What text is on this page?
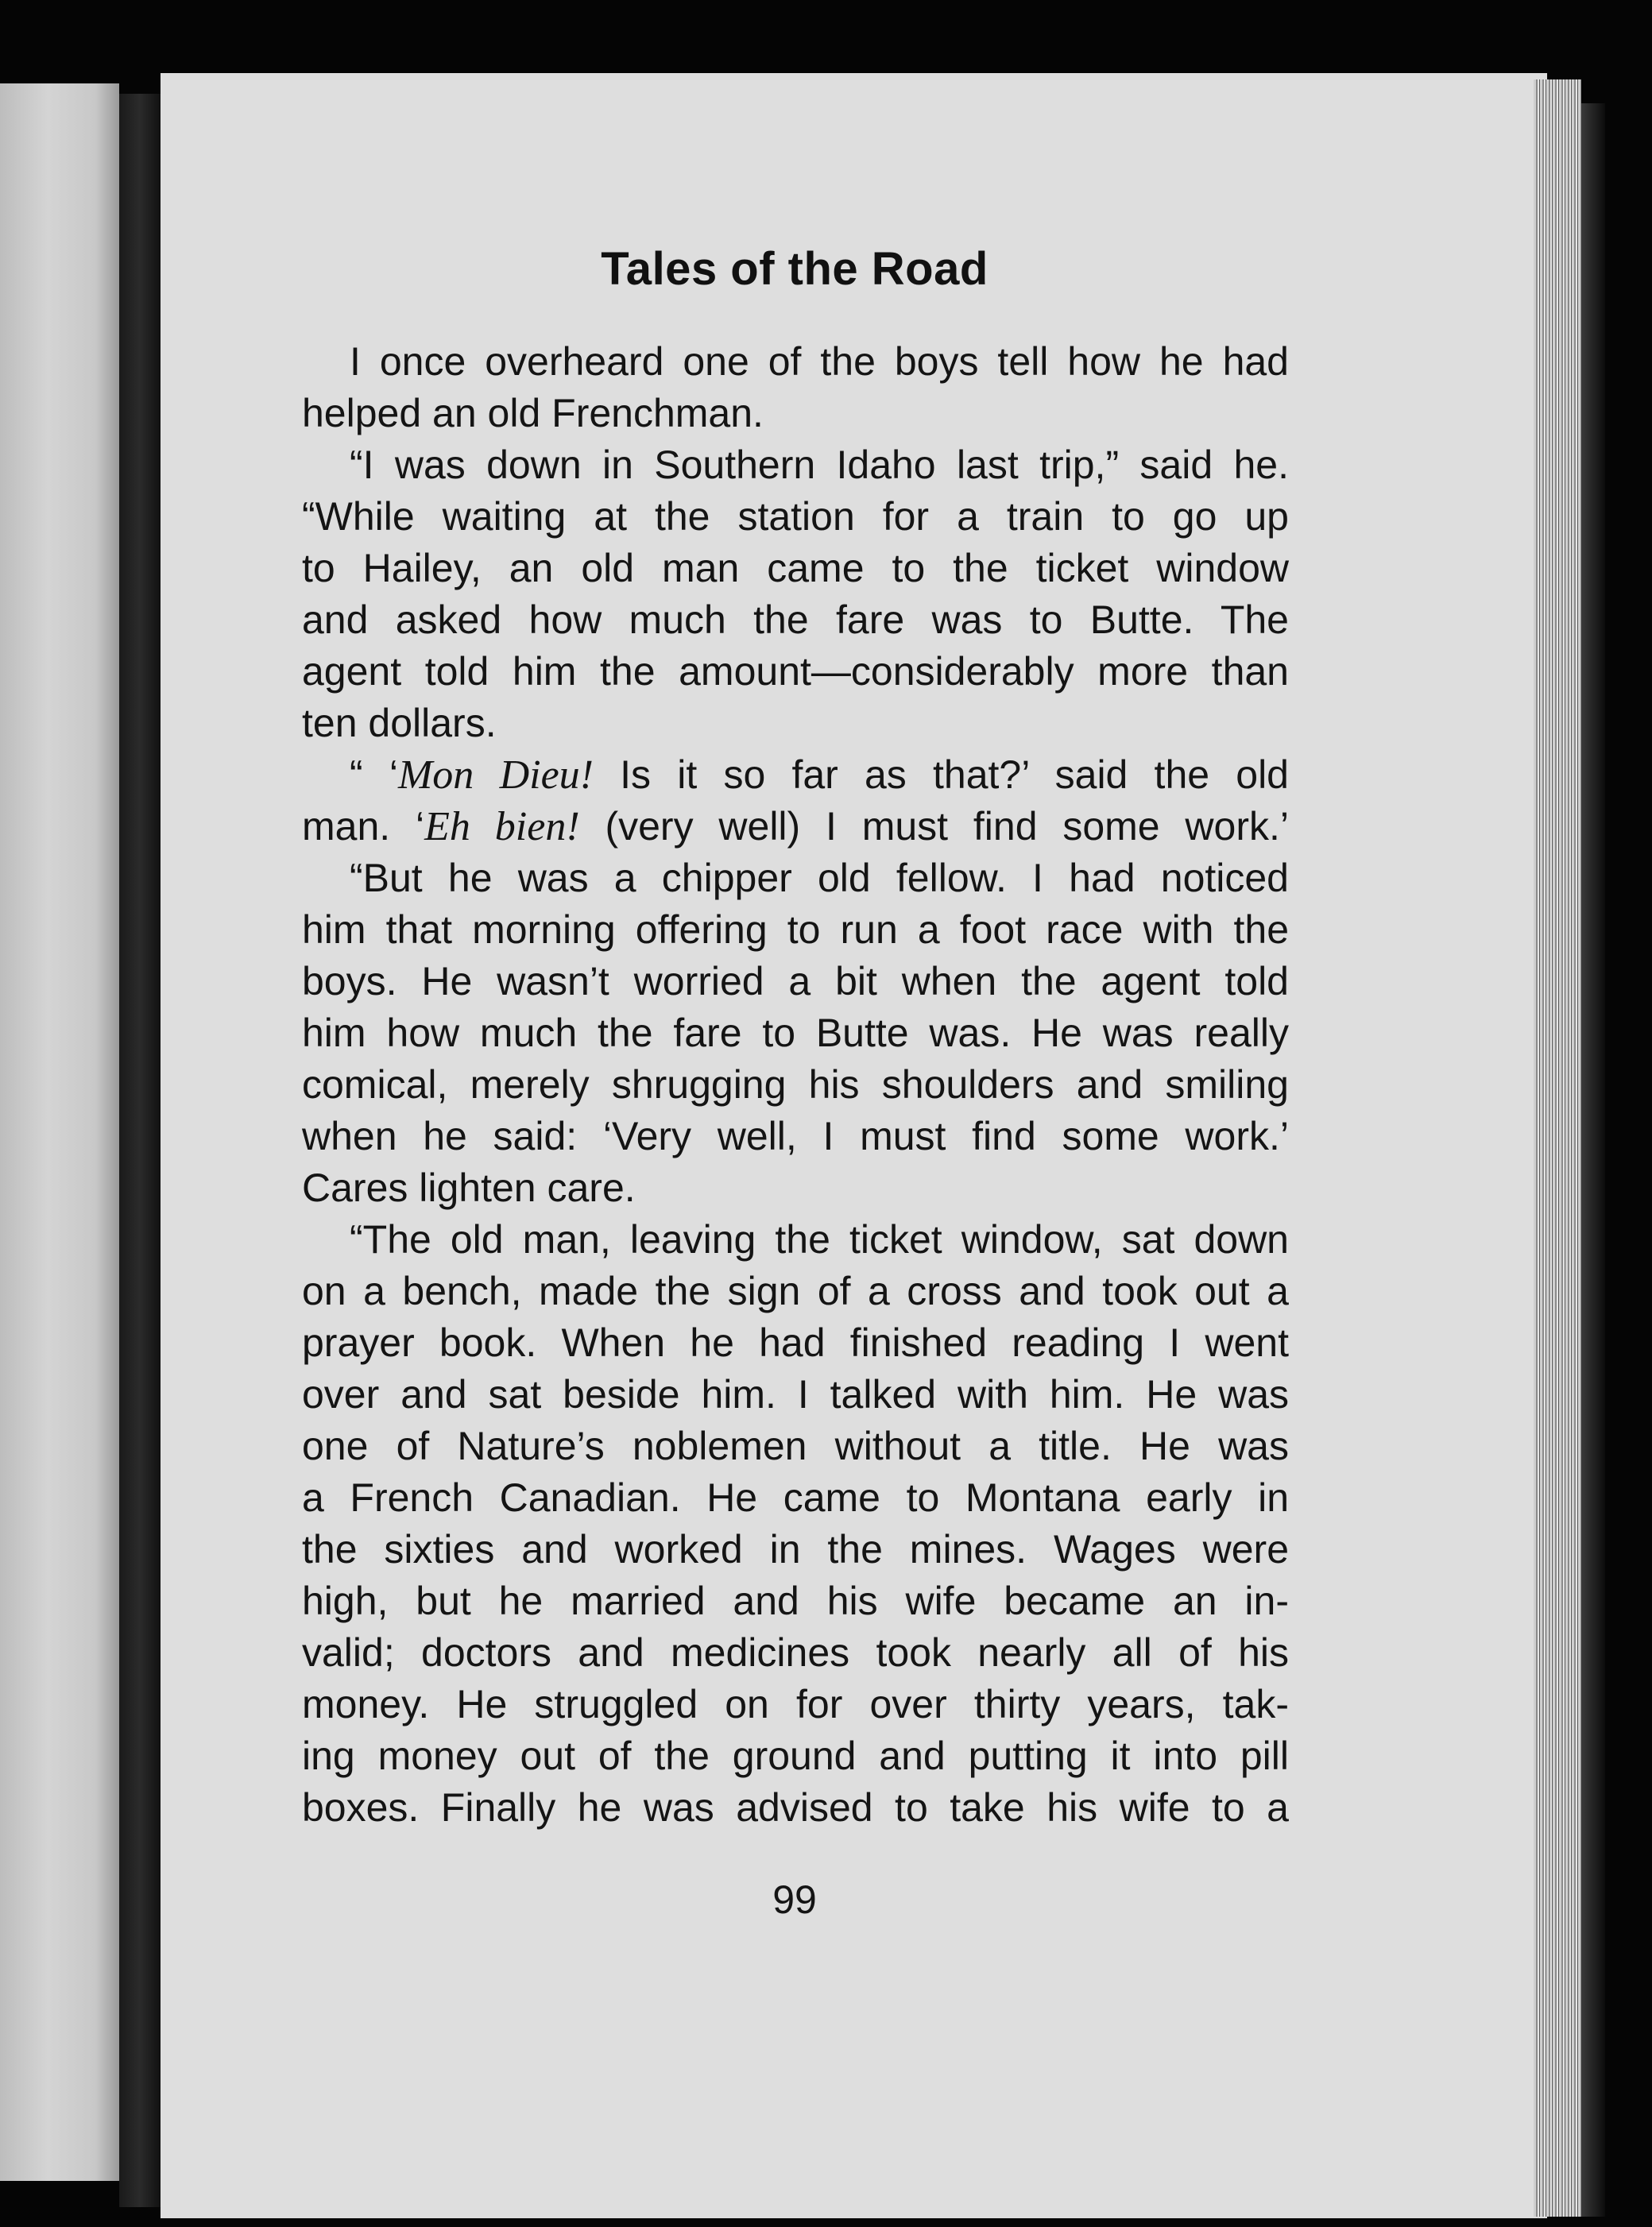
Tales of the Road
I once overheard one of the boys tell how he had
helped an old Frenchman.
“I was down in Southern Idaho last trip,” said he.
“While waiting at the station for a train to go up
to Hailey, an old man came to the ticket window
and asked how much the fare was to Butte. The
agent told him the amount—considerably more than
ten dollars.
“ ‘Mon Dieu! Is it so far as that?’ said the old
man. ‘Eh bien! (very well) I must find some work.’
“But he was a chipper old fellow. I had noticed
him that morning offering to run a foot race with the
boys. He wasn’t worried a bit when the agent told
him how much the fare to Butte was. He was really
comical, merely shrugging his shoulders and smiling
when he said: ‘Very well, I must find some work.’
Cares lighten care.
“The old man, leaving the ticket window, sat down
on a bench, made the sign of a cross and took out a
prayer book. When he had finished reading I went
over and sat beside him. I talked with him. He was
one of Nature’s noblemen without a title. He was
a French Canadian. He came to Montana early in
the sixties and worked in the mines. Wages were
high, but he married and his wife became an in-
valid; doctors and medicines took nearly all of his
money. He struggled on for over thirty years, tak-
ing money out of the ground and putting it into pill
boxes. Finally he was advised to take his wife to a
99
